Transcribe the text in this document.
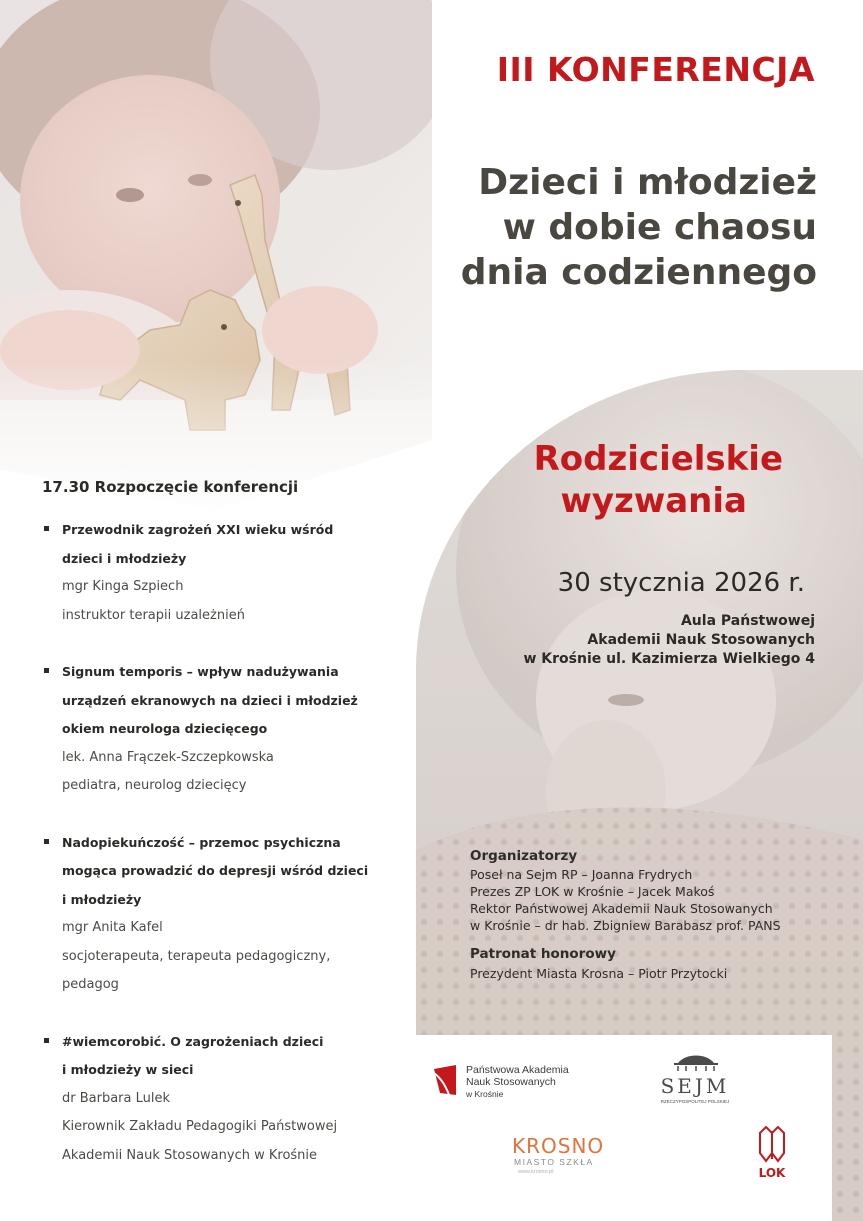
III KONFERENCJA
Dzieci i młodzież
w dobie chaosu
dnia codziennego
Rodzicielskie
wyzwania
30 stycznia 2026 r.
Aula Państwowej
Akademii Nauk Stosowanych
w Krośnie ul. Kazimierza Wielkiego 4
Organizatorzy
Poseł na Sejm RP – Joanna Frydrych
Prezes ZP LOK w Krośnie – Jacek Makoś
Rektor Państwowej Akademii Nauk Stosowanych
w Krośnie – dr hab. Zbigniew Barabasz prof. PANS
Patronat honorowy
Prezydent Miasta Krosna – Piotr Przytocki
Państwowa Akademia
Nauk Stosowanych
w Krośnie	SEJM
RZECZYPOSPOLITEJ POLSKIEJ
KROSNO
MIASTO SZKŁA
www.krosno.pl	LOK

17.30 Rozpoczęcie konferencji

Przewodnik zagrożeń XXI wieku wśród
dzieci i młodzieży
mgr Kinga Szpiech
instruktor terapii uzależnień
Signum temporis – wpływ nadużywania
urządzeń ekranowych na dzieci i młodzież
okiem neurologa dziecięcego
lek. Anna Frączek-Szczepkowska
pediatra, neurolog dziecięcy
Nadopiekuńczość – przemoc psychiczna
mogąca prowadzić do depresji wśród dzieci
i młodzieży
mgr Anita Kafel
socjoterapeuta, terapeuta pedagogiczny,
pedagog
#wiemcorobić. O zagrożeniach dzieci
i młodzieży w sieci
dr Barbara Lulek
Kierownik Zakładu Pedagogiki Państwowej
Akademii Nauk Stosowanych w Krośnie
